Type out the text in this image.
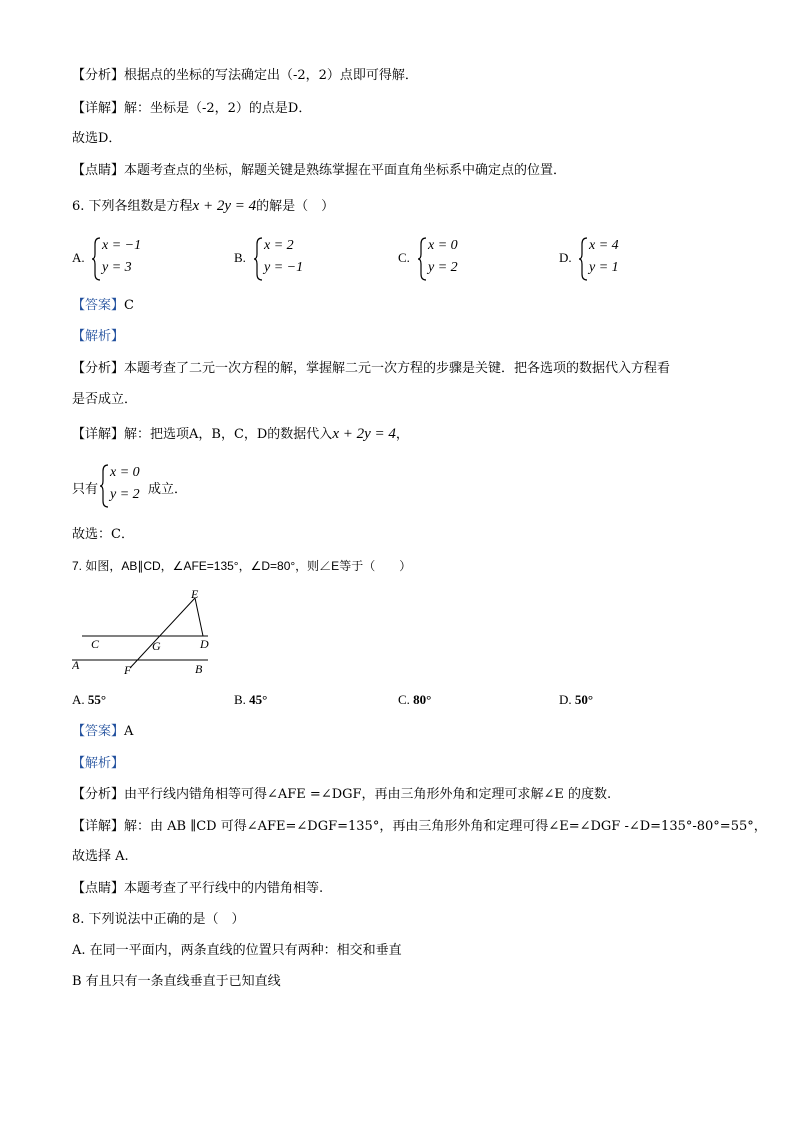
【分析】根据点的坐标的写法确定出（-2，2）点即可得解．
【详解】解：坐标是（-2，2）的点是D．
故选D．
【点睛】本题考查点的坐标，解题关键是熟练掌握在平面直角坐标系中确定点的位置．
6. 下列各组数是方程x + 2y = 4的解是（　）
A.
x = −1
y = 3
B.
x = 2
y = −1
C.
x = 0
y = 2
D.
x = 4
y = 1
【答案】C
【解析】
【分析】本题考查了二元一次方程的解，掌握解二元一次方程的步骤是关键．把各选项的数据代入方程看
是否成立．
【详解】解：把选项A，B，C，D的数据代入x + 2y = 4，
只有
x = 0
y = 2 成立．
故选：C．
7. 如图，AB∥CD，∠AFE=135°，∠D=80°，则∠E等于（　　）
E
C	G	D
A	F	B
A. 55°	B. 45°	C. 80°	D. 50°
【答案】A
【解析】
【分析】由平行线内错角相等可得∠AFE =∠DGF，再由三角形外角和定理可求解∠E 的度数.
【详解】解：由 AB ∥CD 可得∠AFE=∠DGF=135°，再由三角形外角和定理可得∠E=∠DGF -∠D=135°-80°=55°，
故选择 A.
【点睛】本题考查了平行线中的内错角相等.
8. 下列说法中正确的是（　）
A. 在同一平面内，两条直线的位置只有两种：相交和垂直
B 有且只有一条直线垂直于已知直线
